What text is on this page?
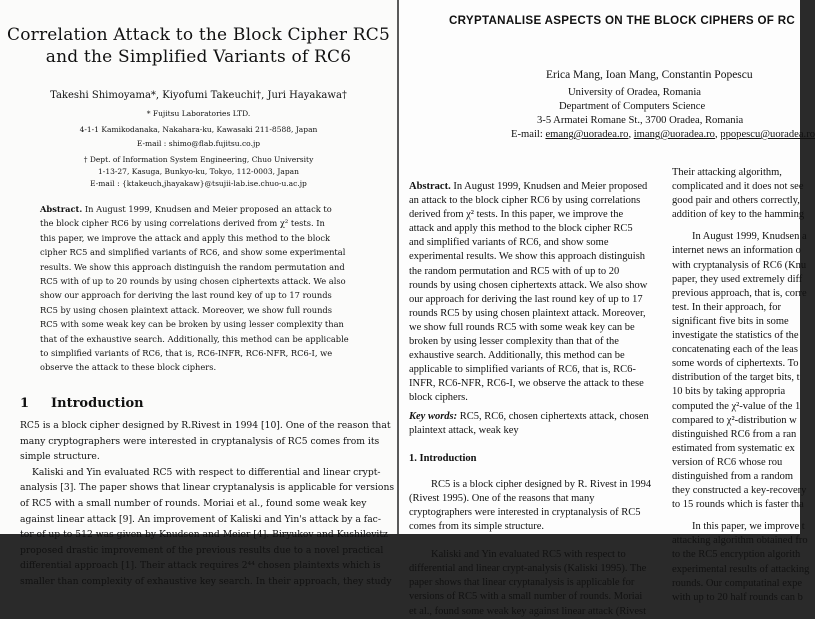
Correlation Attack to the Block Cipher RC5
and the Simplified Variants of RC6
Takeshi Shimoyama*, Kiyofumi Takeuchi†, Juri Hayakawa†
* Fujitsu Laboratories LTD.
4-1-1 Kamikodanaka, Nakahara-ku, Kawasaki 211-8588, Japan
E-mail : shimo@flab.fujitsu.co.jp
† Dept. of Information System Engineering, Chuo University
1-13-27, Kasuga, Bunkyo-ku, Tokyo, 112-0003, Japan
E-mail : {ktakeuch,jhayakaw}@tsujii-lab.ise.chuo-u.ac.jp
Abstract. In August 1999, Knudsen and Meier proposed an attack to
the block cipher RC6 by using correlations derived from χ² tests. In
this paper, we improve the attack and apply this method to the block
cipher RC5 and simplified variants of RC6, and show some experimental
results. We show this approach distinguish the random permutation and
RC5 with of up to 20 rounds by using chosen ciphertexts attack. We also
show our approach for deriving the last round key of up to 17 rounds
RC5 by using chosen plaintext attack. Moreover, we show full rounds
RC5 with some weak key can be broken by using lesser complexity than
that of the exhaustive search. Additionally, this method can be applicable
to simplified variants of RC6, that is, RC6-INFR, RC6-NFR, RC6-I, we
observe the attack to these block ciphers.
1 Introduction
RC5 is a block cipher designed by R.Rivest in 1994 [10]. One of the reason that
many cryptographers were interested in cryptanalysis of RC5 comes from its
simple structure.
Kaliski and Yin evaluated RC5 with respect to differential and linear crypt-
analysis [3]. The paper shows that linear cryptanalysis is applicable for versions
of RC5 with a small number of rounds. Moriai et al., found some weak key
against linear attack [9]. An improvement of Kaliski and Yin's attack by a fac-
tor of up to 512 was given by Knudsen and Meier [4]. Biryukov and Kushilevitz
proposed drastic improvement of the previous results due to a novel practical
differential approach [1]. Their attack requires 2⁴⁴ chosen plaintexts which is
smaller than complexity of exhaustive key search. In their approach, they study
CRYPTANALISE ASPECTS ON THE BLOCK CIPHERS OF RC
Erica Mang, Ioan Mang, Constantin Popescu
University of Oradea, Romania
Department of Computers Science
3-5 Armatei Romane St., 3700 Oradea, Romania
E-mail: emang@uoradea.ro, imang@uoradea.ro, ppopescu@uoradea.ro
Abstract. In August 1999, Knudsen and Meier proposed
an attack to the block cipher RC6 by using correlations
derived from χ² tests. In this paper, we improve the
attack and apply this method to the block cipher RC5
and simplified variants of RC6, and show some
experimental results. We show this approach distinguish
the random permutation and RC5 with of up to 20
rounds by using chosen ciphertexts attack. We also show
our approach for deriving the last round key of up to 17
rounds RC5 by using chosen plaintext attack. Moreover,
we show full rounds RC5 with some weak key can be
broken by using lesser complexity than that of the
exhaustive search. Additionally, this method can be
applicable to simplified variants of RC6, that is, RC6-
INFR, RC6-NFR, RC6-I, we observe the attack to these
block ciphers.
Key words: RC5, RC6, chosen ciphertexts attack, chosen
plaintext attack, weak key
1. Introduction
RC5 is a block cipher designed by R. Rivest in 1994
(Rivest 1995). One of the reasons that many
cryptographers were interested in cryptanalysis of RC5
comes from its simple structure.
Kaliski and Yin evaluated RC5 with respect to
differential and linear crypt-analysis (Kaliski 1995). The
paper shows that linear cryptanalysis is applicable for
versions of RC5 with a small number of rounds. Moriai
et al., found some weak key against linear attack (Rivest
Their attacking algorithm,
complicated and it does not see
good pair and others correctly,
addition of key to the hamming
In August 1999, Knudsen a
internet news an information o
with cryptanalysis of RC6 (Knu
paper, they used extremely diff
previous approach, that is, corre
test. In their approach, for
significant five bits in some
investigate the statistics of the
concatenating each of the leas
some words of ciphertexts. To
distribution of the target bits, t
10 bits by taking appropria
computed the χ²-value of the 1
compared to χ²-distribution w
distinguished RC6 from a ran
estimated from systematic ex
version of RC6 whose rou
distinguished from a random
they constructed a key-recovery
to 15 rounds which is faster tha
In this paper, we improve t
attacking algorithm obtained fro
to the RC5 encryption algorith
experimental results of attacking
rounds. Our computatinal expe
with up to 20 half rounds can b
